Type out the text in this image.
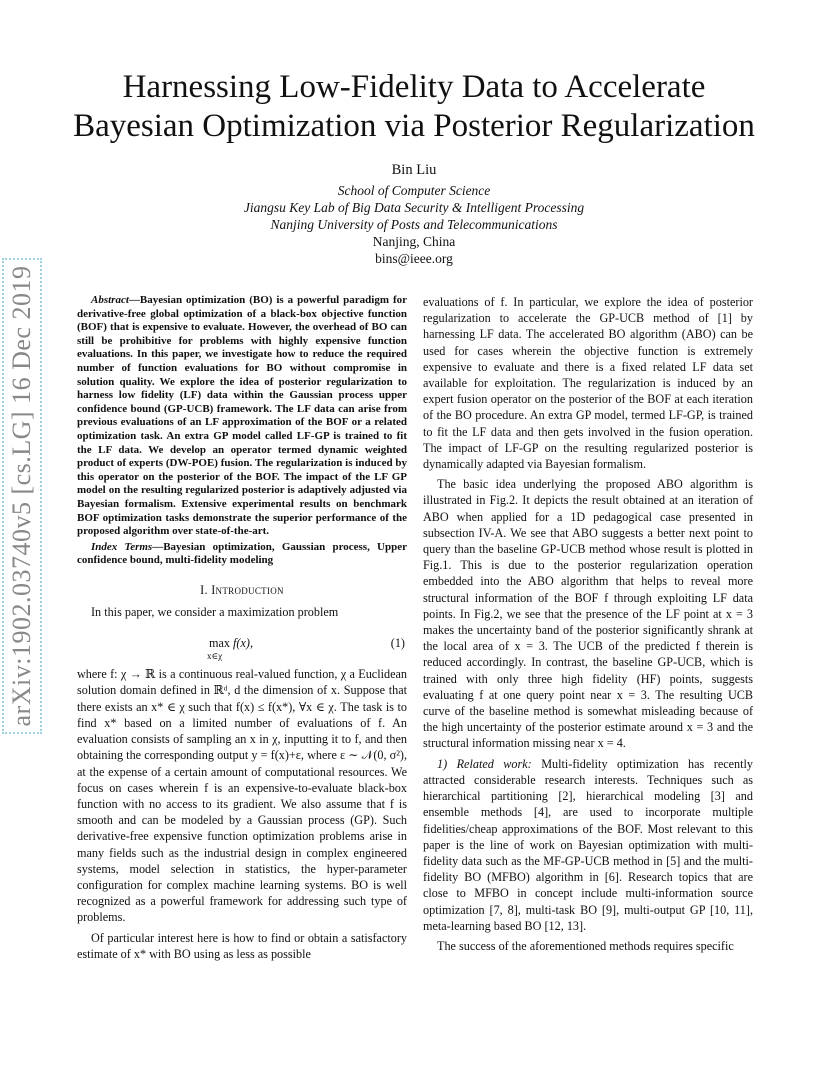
arXiv:1902.03740v5 [cs.LG] 16 Dec 2019
Harnessing Low-Fidelity Data to Accelerate
Bayesian Optimization via Posterior Regularization
Bin Liu
School of Computer Science
Jiangsu Key Lab of Big Data Security & Intelligent Processing
Nanjing University of Posts and Telecommunications
Nanjing, China
bins@ieee.org

Abstract—Bayesian optimization (BO) is a powerful paradigm for derivative-free global optimization of a black-box objective function (BOF) that is expensive to evaluate. However, the overhead of BO can still be prohibitive for problems with highly expensive function evaluations. In this paper, we investigate how to reduce the required number of function evaluations for BO without compromise in solution quality. We explore the idea of posterior regularization to harness low fidelity (LF) data within the Gaussian process upper confidence bound (GP-UCB) framework. The LF data can arise from previous evaluations of an LF approximation of the BOF or a related optimization task. An extra GP model called LF-GP is trained to fit the LF data. We develop an operator termed dynamic weighted product of experts (DW-POE) fusion. The regularization is induced by this operator on the posterior of the BOF. The impact of the LF GP model on the resulting regularized posterior is adaptively adjusted via Bayesian formalism. Extensive experimental results on benchmark BOF optimization tasks demonstrate the superior performance of the proposed algorithm over state-of-the-art.

Index Terms—Bayesian optimization, Gaussian process, Upper confidence bound, multi-fidelity modeling

I. Introduction

In this paper, we consider a maximization problem

max
x∈χ
f(x),	(1)

where f: χ → ℝ is a continuous real-valued function, χ a Euclidean solution domain defined in ℝᵈ, d the dimension of x. Suppose that there exists an x* ∈ χ such that f(x) ≤ f(x*), ∀x ∈ χ. The task is to find x* based on a limited number of evaluations of f. An evaluation consists of sampling an x in χ, inputting it to f, and then obtaining the corresponding output y = f(x)+ε, where ε ∼ 𝒩(0, σ²), at the expense of a certain amount of computational resources. We focus on cases wherein f is an expensive-to-evaluate black-box function with no access to its gradient. We also assume that f is smooth and can be modeled by a Gaussian process (GP). Such derivative-free expensive function optimization problems arise in many fields such as the industrial design in complex engineered systems, model selection in statistics, the hyper-parameter configuration for complex machine learning systems. BO is well recognized as a powerful framework for addressing such type of problems.

Of particular interest here is how to find or obtain a satisfactory estimate of x* with BO using as less as possible

evaluations of f. In particular, we explore the idea of posterior regularization to accelerate the GP-UCB method of [1] by harnessing LF data. The accelerated BO algorithm (ABO) can be used for cases wherein the objective function is extremely expensive to evaluate and there is a fixed related LF data set available for exploitation. The regularization is induced by an expert fusion operator on the posterior of the BOF at each iteration of the BO procedure. An extra GP model, termed LF-GP, is trained to fit the LF data and then gets involved in the fusion operation. The impact of LF-GP on the resulting regularized posterior is dynamically adapted via Bayesian formalism.

The basic idea underlying the proposed ABO algorithm is illustrated in Fig.2. It depicts the result obtained at an iteration of ABO when applied for a 1D pedagogical case presented in subsection IV-A. We see that ABO suggests a better next point to query than the baseline GP-UCB method whose result is plotted in Fig.1. This is due to the posterior regularization operation embedded into the ABO algorithm that helps to reveal more structural information of the BOF f through exploiting LF data points. In Fig.2, we see that the presence of the LF point at x = 3 makes the uncertainty band of the posterior significantly shrank at the local area of x = 3. The UCB of the predicted f therein is reduced accordingly. In contrast, the baseline GP-UCB, which is trained with only three high fidelity (HF) points, suggests evaluating f at one query point near x = 3. The resulting UCB curve of the baseline method is somewhat misleading because of the high uncertainty of the posterior estimate around x = 3 and the structural information missing near x = 4.

1) Related work: Multi-fidelity optimization has recently attracted considerable research interests. Techniques such as hierarchical partitioning [2], hierarchical modeling [3] and ensemble methods [4], are used to incorporate multiple fidelities/cheap approximations of the BOF. Most relevant to this paper is the line of work on Bayesian optimization with multi-fidelity data such as the MF-GP-UCB method in [5] and the multi-fidelity BO (MFBO) algorithm in [6]. Research topics that are close to MFBO in concept include multi-information source optimization [7, 8], multi-task BO [9], multi-output GP [10, 11], meta-learning based BO [12, 13].

The success of the aforementioned methods requires specific
